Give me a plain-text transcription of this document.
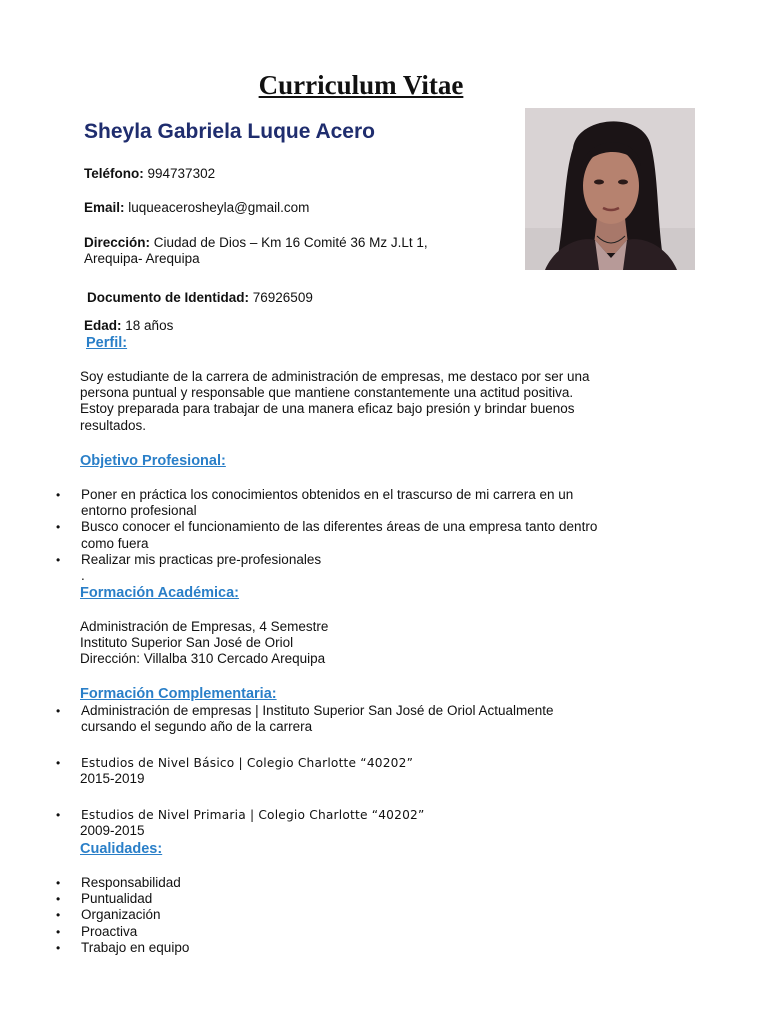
Curriculum Vitae
Sheyla Gabriela Luque Acero
Teléfono: 994737302
Email: luqueacerosheyla@gmail.com
Dirección: Ciudad de Dios – Km 16 Comité 36 Mz J.Lt 1,
Arequipa- Arequipa
Documento de Identidad: 76926509
Edad: 18 años
Perfil:
Soy estudiante de la carrera de administración de empresas, me destaco por ser una
persona puntual y responsable que mantiene constantemente una actitud positiva.
Estoy preparada para trabajar de una manera eficaz bajo presión y brindar buenos
resultados.
Objetivo Profesional:
• Poner en práctica los conocimientos obtenidos en el trascurso de mi carrera en un
entorno profesional
• Busco conocer el funcionamiento de las diferentes áreas de una empresa tanto dentro
como fuera
• Realizar mis practicas pre-profesionales
.
Formación Académica:
Administración de Empresas, 4 Semestre
Instituto Superior San José de Oriol
Dirección: Villalba 310 Cercado Arequipa
Formación Complementaria:
• Administración de empresas | Instituto Superior San José de Oriol Actualmente
cursando el segundo año de la carrera
• Estudios de Nivel Básico | Colegio Charlotte “40202”
2015-2019
• Estudios de Nivel Primaria | Colegio Charlotte “40202”
2009-2015
Cualidades:
• Responsabilidad
• Puntualidad
• Organización
• Proactiva
• Trabajo en equipo
